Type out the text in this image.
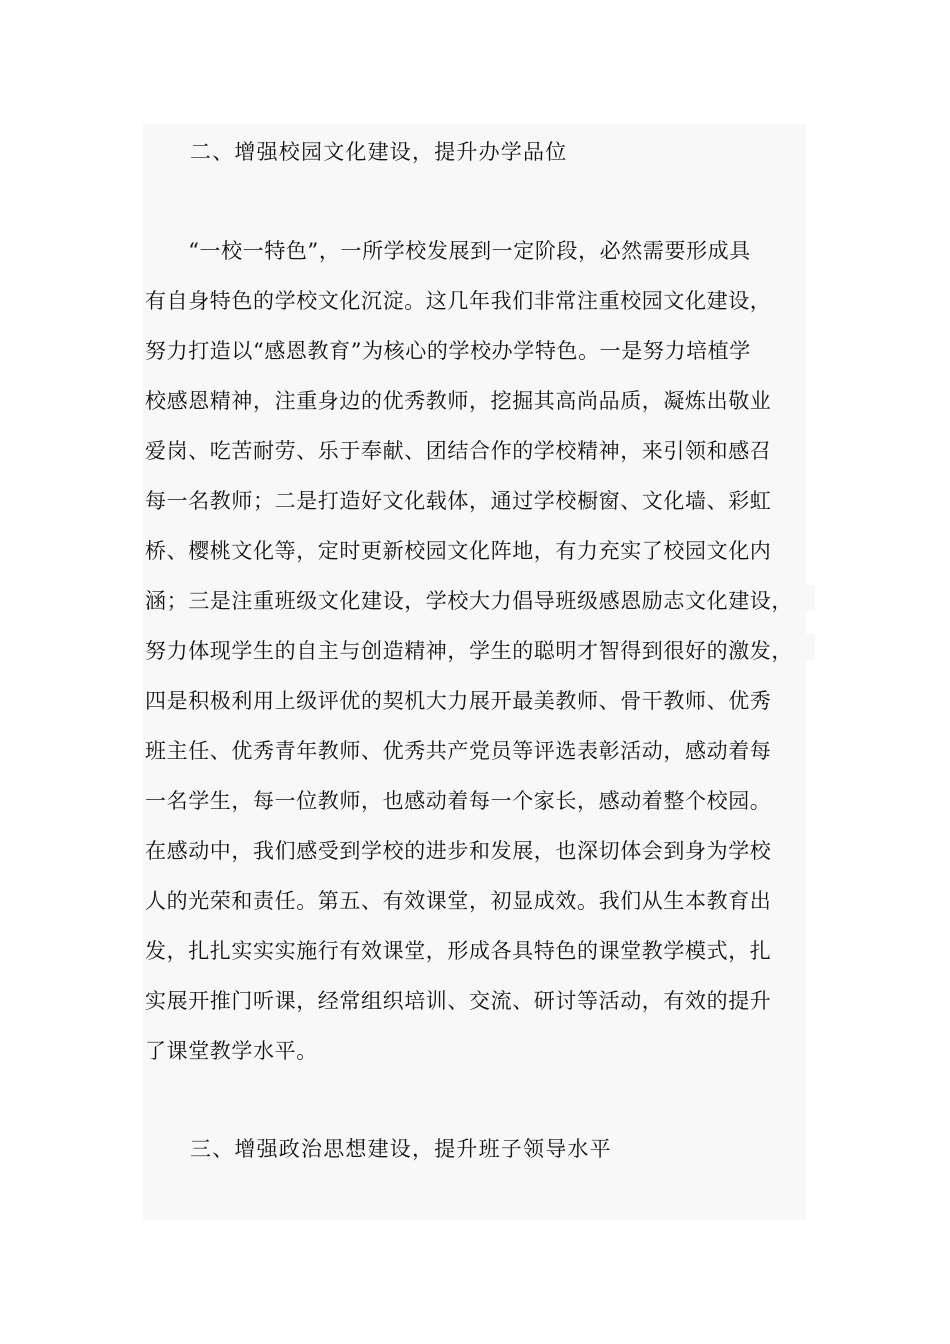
二、增强校园文化建设，提升办学品位
　　“一校一特色”，一所学校发展到一定阶段，必然需要形成具
有自身特色的学校文化沉淀。这几年我们非常注重校园文化建设，
努力打造以“感恩教育”为核心的学校办学特色。一是努力培植学
校感恩精神，注重身边的优秀教师，挖掘其高尚品质，凝炼出敬业
爱岗、吃苦耐劳、乐于奉献、团结合作的学校精神，来引领和感召
每一名教师；二是打造好文化载体，通过学校橱窗、文化墙、彩虹
桥、樱桃文化等，定时更新校园文化阵地，有力充实了校园文化内
涵；三是注重班级文化建设，学校大力倡导班级感恩励志文化建设，
努力体现学生的自主与创造精神，学生的聪明才智得到很好的激发，
四是积极利用上级评优的契机大力展开最美教师、骨干教师、优秀
班主任、优秀青年教师、优秀共产党员等评选表彰活动，感动着每
一名学生，每一位教师，也感动着每一个家长，感动着整个校园。
在感动中，我们感受到学校的进步和发展，也深切体会到身为学校
人的光荣和责任。第五、有效课堂，初显成效。我们从生本教育出
发，扎扎实实实施行有效课堂，形成各具特色的课堂教学模式，扎
实展开推门听课，经常组织培训、交流、研讨等活动，有效的提升
了课堂教学水平。
三、增强政治思想建设，提升班子领导水平
